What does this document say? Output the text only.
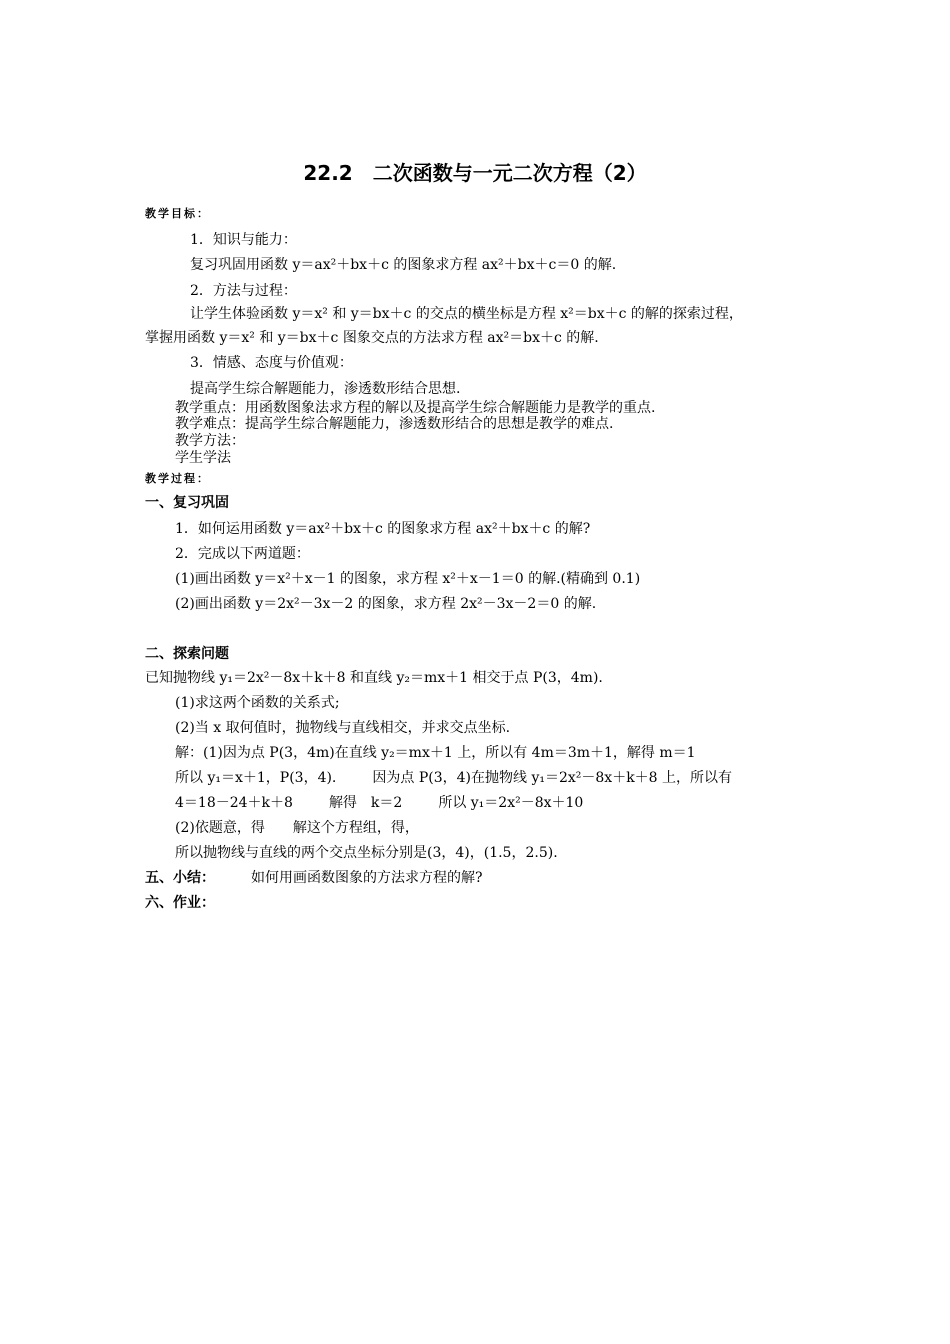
22.2　二次函数与一元二次方程（2）
教学目标：
1．知识与能力：
复习巩固用函数 y＝ax²＋bx＋c 的图象求方程 ax²＋bx＋c＝0 的解.
2．方法与过程：
让学生体验函数 y＝x² 和 y＝bx＋c 的交点的横坐标是方程 x²＝bx＋c 的解的探索过程，
掌握用函数 y＝x² 和 y＝bx＋c 图象交点的方法求方程 ax²＝bx＋c 的解.
3．情感、态度与价值观：
提高学生综合解题能力，渗透数形结合思想.
教学重点：用函数图象法求方程的解以及提高学生综合解题能力是教学的重点.
教学难点：提高学生综合解题能力，渗透数形结合的思想是教学的难点.
教学方法：
学生学法
教学过程：
一、复习巩固
1．如何运用函数 y＝ax²＋bx＋c 的图象求方程 ax²＋bx＋c 的解?
2．完成以下两道题：
(1)画出函数 y＝x²＋x－1 的图象，求方程 x²＋x－1＝0 的解.(精确到 0.1)
(2)画出函数 y＝2x²－3x－2 的图象，求方程 2x²－3x－2＝0 的解.
二、探索问题
已知抛物线 y₁＝2x²－8x＋k＋8 和直线 y₂＝mx＋1 相交于点 P(3，4m).
(1)求这两个函数的关系式;
(2)当 x 取何值时，抛物线与直线相交，并求交点坐标.
解：(1)因为点 P(3，4m)在直线 y₂＝mx＋1 上，所以有 4m＝3m＋1，解得 m＝1
所以 y₁＝x＋1，P(3，4).	因为点 P(3，4)在抛物线 y₁＝2x²－8x＋k＋8 上，所以有
4＝18－24＋k＋8	解得　k＝2	所以 y₁＝2x²－8x＋10
(2)依题意，得 解这个方程组，得，
所以抛物线与直线的两个交点坐标分别是(3，4)，(1.5，2.5).
五、小结：	如何用画函数图象的方法求方程的解?
六、作业：
